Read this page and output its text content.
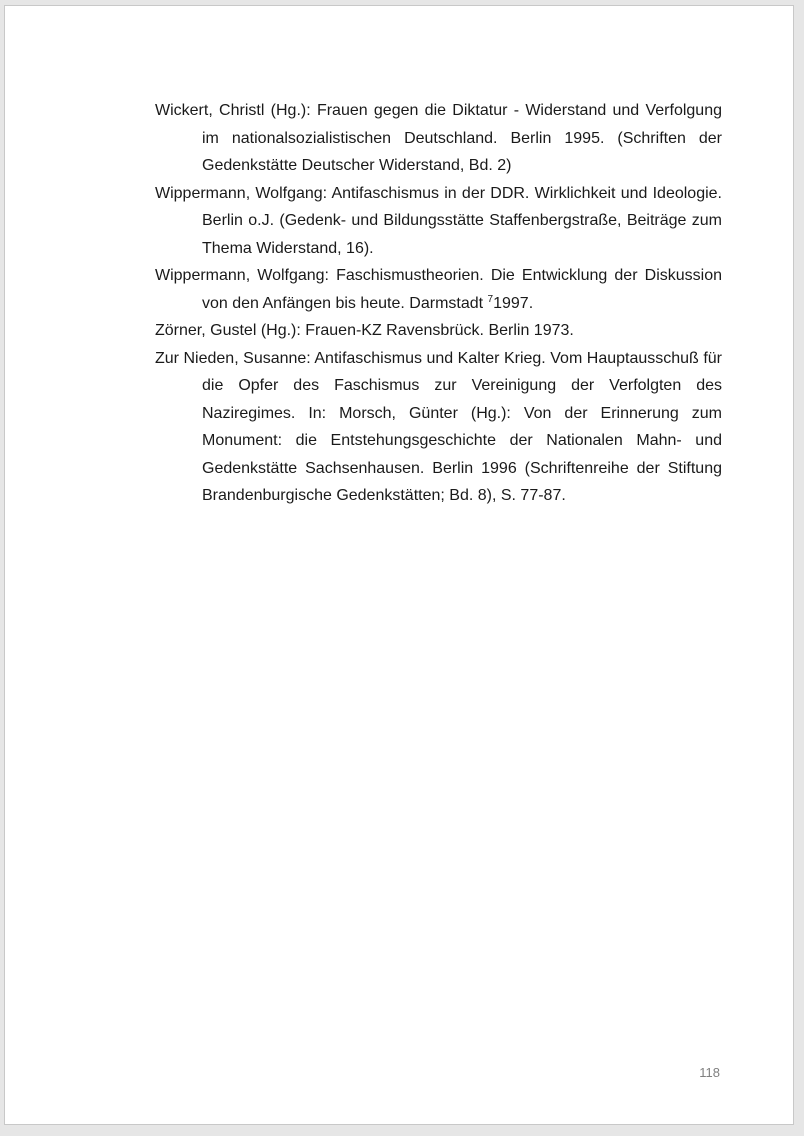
Wickert, Christl (Hg.): Frauen gegen die Diktatur - Widerstand und Verfolgung im nationalsozialistischen Deutschland. Berlin 1995. (Schriften der Gedenkstätte Deutscher Widerstand, Bd. 2)

Wippermann, Wolfgang: Antifaschismus in der DDR. Wirklichkeit und Ideologie. Berlin o.J. (Gedenk- und Bildungsstätte Staffenbergstraße, Beiträge zum Thema Widerstand, 16).

Wippermann, Wolfgang: Faschismustheorien. Die Entwicklung der Diskussion von den Anfängen bis heute. Darmstadt $^7$1997.

Zörner, Gustel (Hg.): Frauen-KZ Ravensbrück. Berlin 1973.

Zur Nieden, Susanne: Antifaschismus und Kalter Krieg. Vom Hauptausschuß für die Opfer des Faschismus zur Vereinigung der Verfolgten des Naziregimes. In: Morsch, Günter (Hg.): Von der Erinnerung zum Monument: die Entstehungsgeschichte der Nationalen Mahn- und Gedenkstätte Sachsenhausen. Berlin 1996 (Schriftenreihe der Stiftung Brandenburgische Gedenkstätten; Bd. 8), S. 77-87.

118
